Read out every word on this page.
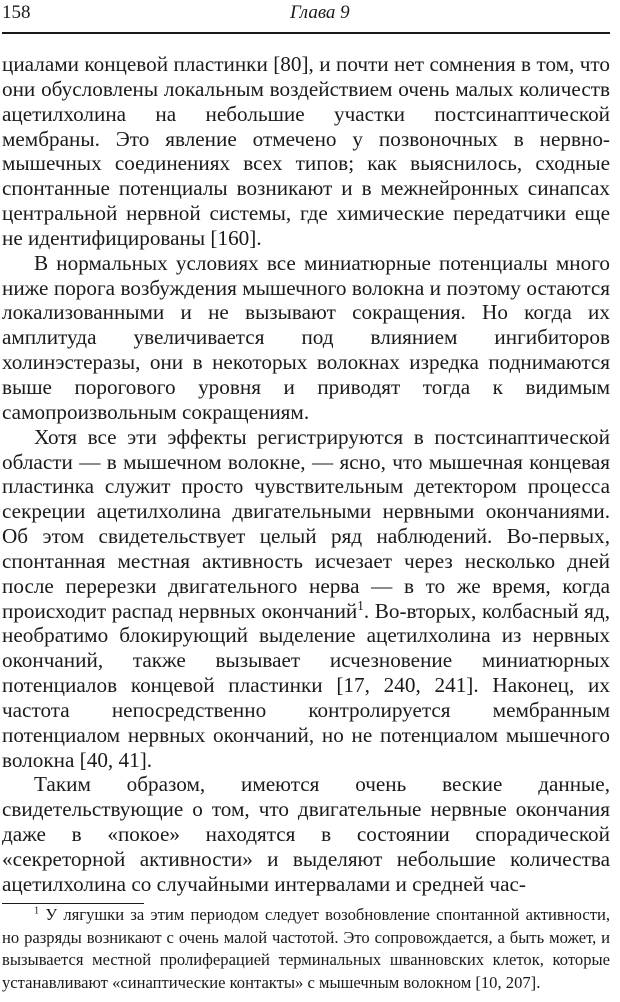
158	Глава 9

циалами концевой пластинки [80], и почти нет сомнения в том, что они обусловлены локальным воздействием очень малых количеств ацетилхолина на небольшие участки постсинаптической мембраны. Это явление отмечено у позвоночных в нервно-мышечных соединениях всех типов; как выяснилось, сходные спонтанные потенциалы возникают и в межнейронных синапсах центральной нервной системы, где химические передатчики еще не идентифицированы [160].

В нормальных условиях все миниатюрные потенциалы много ниже порога возбуждения мышечного волокна и поэтому остаются локализованными и не вызывают сокращения. Но когда их амплитуда увеличивается под влиянием ингибиторов холинэстеразы, они в некоторых волокнах изредка поднимаются выше порогового уровня и приводят тогда к видимым самопроизвольным сокращениям.

Хотя все эти эффекты регистрируются в постсинаптической области — в мышечном волокне, — ясно, что мышечная концевая пластинка служит просто чувствительным детектором процесса секреции ацетилхолина двигательными нервными окончаниями. Об этом свидетельствует целый ряд наблюдений. Во-первых, спонтанная местная активность исчезает через несколько дней после перерезки двигательного нерва — в то же время, когда происходит распад нервных окончаний$^1$. Во-вторых, колбасный яд, необратимо блокирующий выделение ацетилхолина из нервных окончаний, также вызывает исчезновение миниатюрных потенциалов концевой пластинки [17, 240, 241]. Наконец, их частота непосредственно контролируется мембранным потенциалом нервных окончаний, но не потенциалом мышечного волокна [40, 41].

Таким образом, имеются очень веские данные, свидетельствующие о том, что двигательные нервные окончания даже в «покое» находятся в состоянии спорадической «секреторной активности» и выделяют небольшие количества ацетилхолина со случайными интервалами и средней час-

$^1$ У лягушки за этим периодом следует возобновление спонтанной активности, но разряды возникают с очень малой частотой. Это сопровождается, а быть может, и вызывается местной пролиферацией терминальных шванновских клеток, которые устанавливают «синаптические контакты» с мышечным волокном [10, 207].
